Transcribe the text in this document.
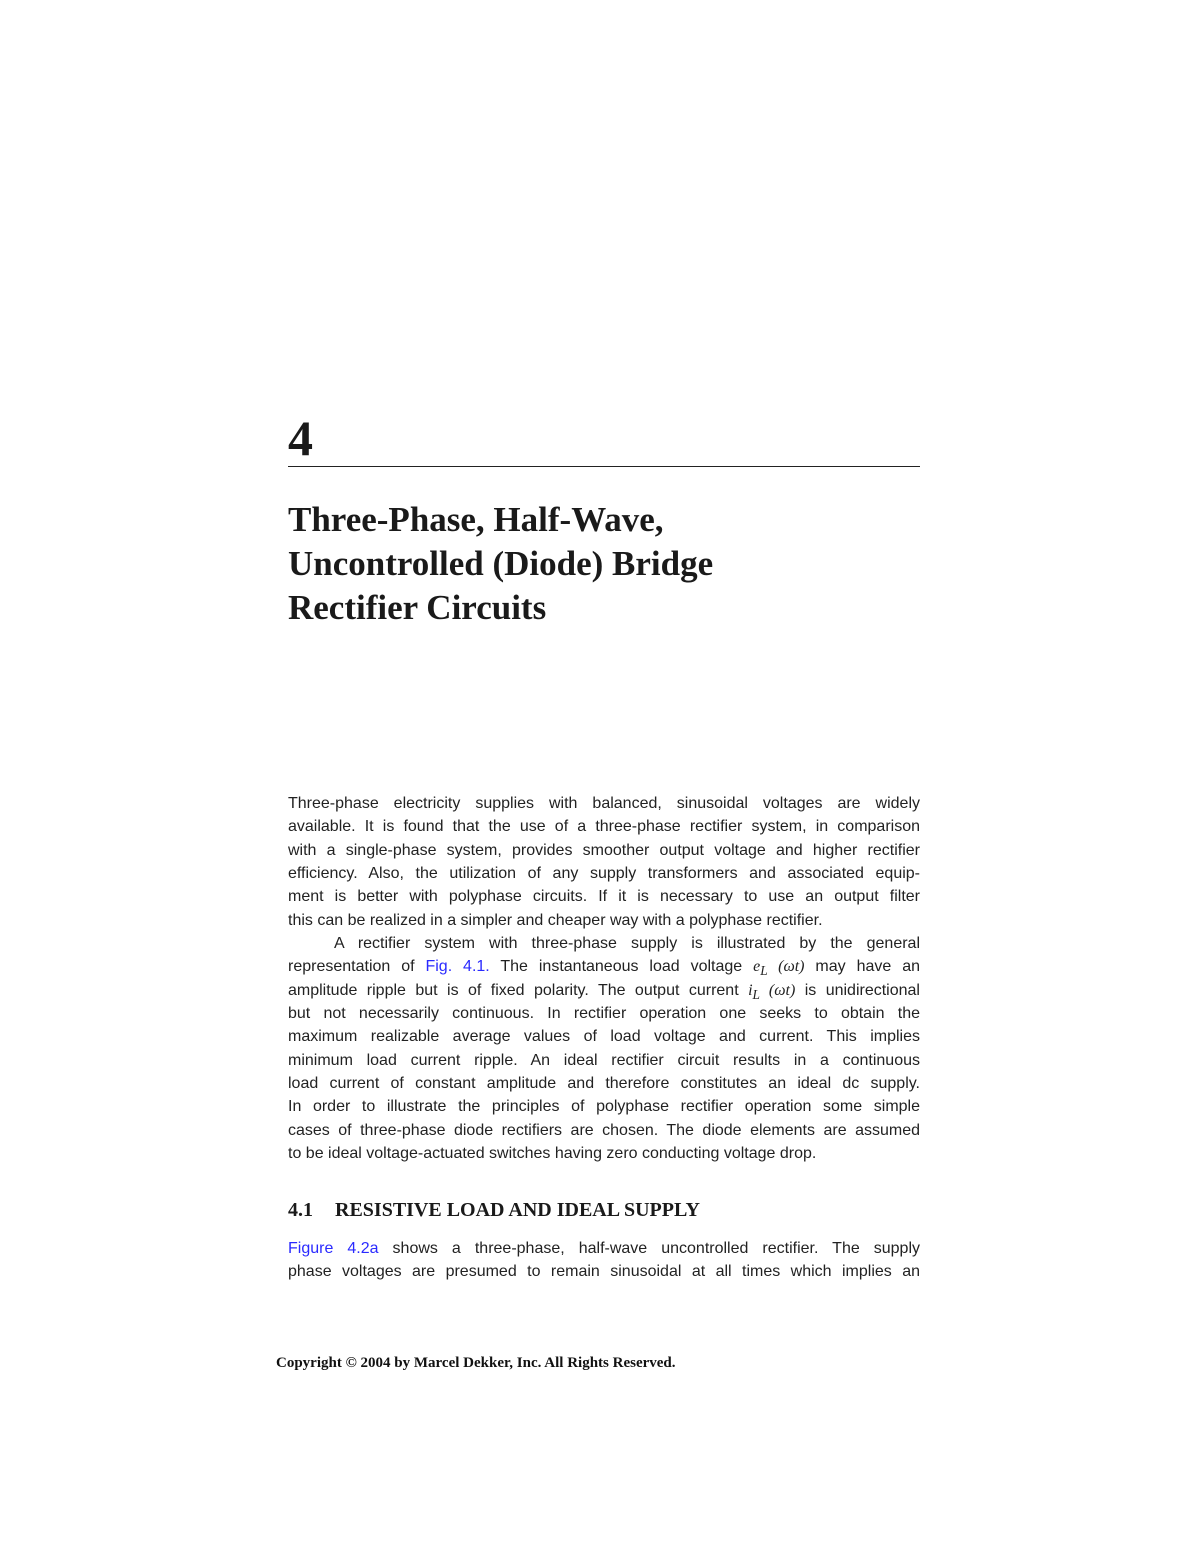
4
Three-Phase, Half-Wave,
Uncontrolled (Diode) Bridge
Rectifier Circuits
Three-phase electricity supplies with balanced, sinusoidal voltages are widely
available. It is found that the use of a three-phase rectifier system, in comparison
with a single-phase system, provides smoother output voltage and higher rectifier
efficiency. Also, the utilization of any supply transformers and associated equip-
ment is better with polyphase circuits. If it is necessary to use an output filter
this can be realized in a simpler and cheaper way with a polyphase rectifier.
A rectifier system with three-phase supply is illustrated by the general
representation of Fig. 4.1. The instantaneous load voltage $e_L$ (ωt) may have an
amplitude ripple but is of fixed polarity. The output current $i_L$ (ωt) is unidirectional
but not necessarily continuous. In rectifier operation one seeks to obtain the
maximum realizable average values of load voltage and current. This implies
minimum load current ripple. An ideal rectifier circuit results in a continuous
load current of constant amplitude and therefore constitutes an ideal dc supply.
In order to illustrate the principles of polyphase rectifier operation some simple
cases of three-phase diode rectifiers are chosen. The diode elements are assumed
to be ideal voltage-actuated switches having zero conducting voltage drop.
4.1 RESISTIVE LOAD AND IDEAL SUPPLY
Figure 4.2a shows a three-phase, half-wave uncontrolled rectifier. The supply
phase voltages are presumed to remain sinusoidal at all times which implies an

Copyright © 2004 by Marcel Dekker, Inc. All Rights Reserved.
